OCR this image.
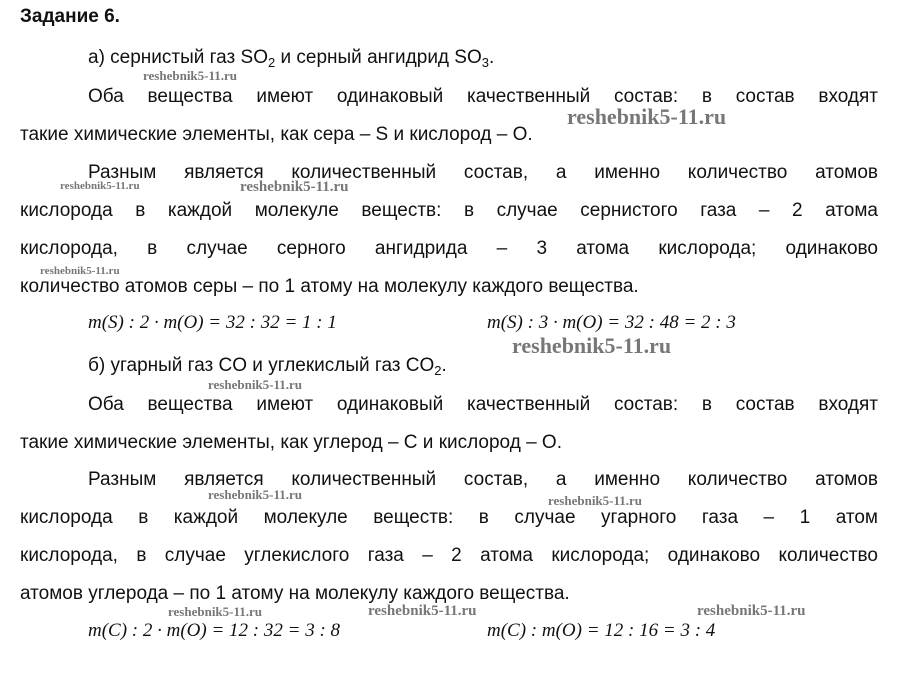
Задание 6.
а) сернистый газ $SO_2$ и серный ангидрид $SO_3$.
Оба вещества имеют одинаковый качественный состав: в состав входят
такие химические элементы, как сера – S и кислород – O.
Разным является количественный состав, а именно количество атомов
кислорода в каждой молекуле веществ: в случае сернистого газа – 2 атома
кислорода, в случае серного ангидрида – 3 атома кислорода; одинаково
количество атомов серы – по 1 атому на молекулу каждого вещества.
m(S) : 2 · m(O) = 32 : 32 = 1 : 1	m(S) : 3 · m(O) = 32 : 48 = 2 : 3
б) угарный газ CO и углекислый газ $CO_2$.
Оба вещества имеют одинаковый качественный состав: в состав входят
такие химические элементы, как углерод – C и кислород – O.
Разным является количественный состав, а именно количество атомов
кислорода в каждой молекуле веществ: в случае угарного газа – 1 атом
кислорода, в случае углекислого газа – 2 атома кислорода; одинаково количество
атомов углерода – по 1 атому на молекулу каждого вещества.
m(C) : 2 · m(O) = 12 : 32 = 3 : 8	m(C) : m(O) = 12 : 16 = 3 : 4
reshebnik5-11.ru
reshebnik5-11.ru
reshebnik5-11.ru	reshebnik5-11.ru
reshebnik5-11.ru
reshebnik5-11.ru
reshebnik5-11.ru
reshebnik5-11.ru	reshebnik5-11.ru
reshebnik5-11.ru	reshebnik5-11.ru	reshebnik5-11.ru
